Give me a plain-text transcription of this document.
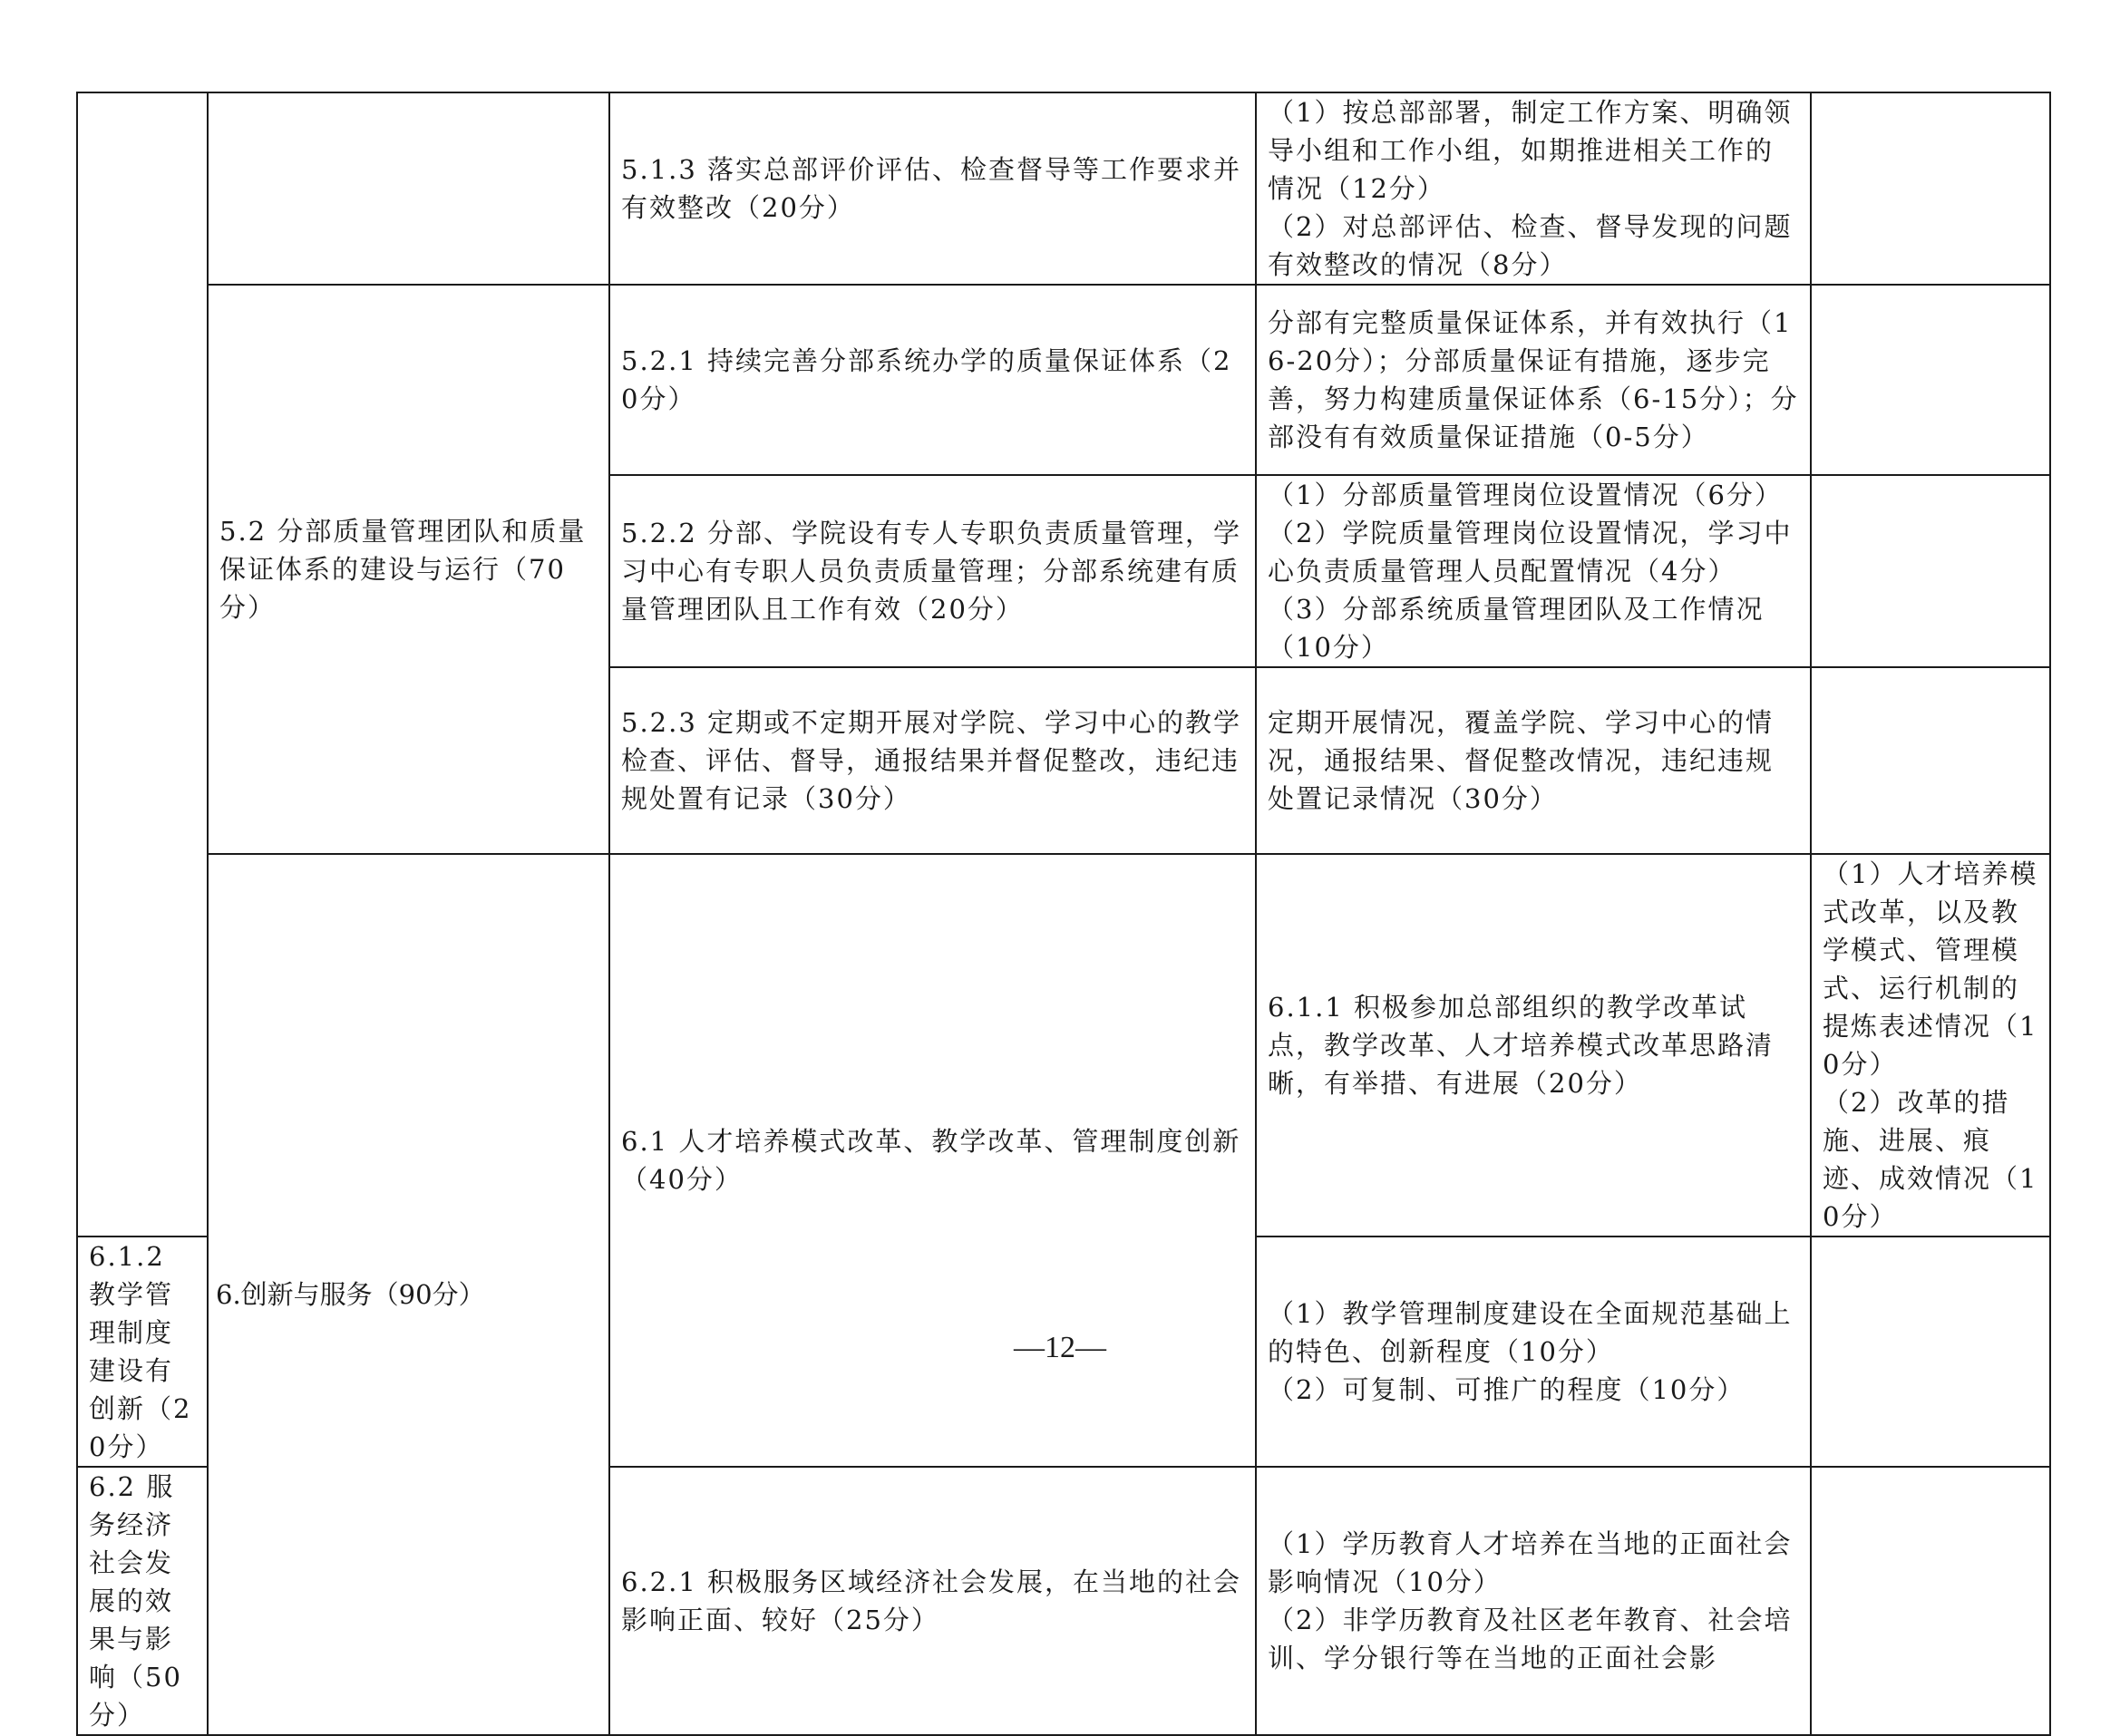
		5.1.3 落实总部评价评估、检查督导等工作要求并有效整改（20分）	（1）按总部部署，制定工作方案、明确领导小组和工作小组，如期推进相关工作的情况（12分）
（2）对总部评估、检查、督导发现的问题有效整改的情况（8分）		

	5.2 分部质量管理团队和质量保证体系的建设与运行（70分）	5.2.1 持续完善分部系统办学的质量保证体系（20分）	分部有完整质量保证体系，并有效执行（16-20分）；分部质量保证有措施，逐步完善，努力构建质量保证体系（6-15分）；分部没有有效质量保证措施（0-5分）		

		5.2.2 分部、学院设有专人专职负责质量管理，学习中心有专职人员负责质量管理；分部系统建有质量管理团队且工作有效（20分）	（1）分部质量管理岗位设置情况（6分）
（2）学院质量管理岗位设置情况，学习中心负责质量管理人员配置情况（4分）
（3）分部系统质量管理团队及工作情况（10分）		

		5.2.3 定期或不定期开展对学院、学习中心的教学检查、评估、督导，通报结果并督促整改，违纪违规处置有记录（30分）	定期开展情况，覆盖学院、学习中心的情况，通报结果、督促整改情况，违纪违规处置记录情况（30分）		

	6.创新与服务（90分）	6.1 人才培养模式改革、教学改革、管理制度创新（40分）	6.1.1 积极参加总部组织的教学改革试点，教学改革、人才培养模式改革思路清晰，有举措、有进展（20分）	（1）人才培养模式改革，以及教学模式、管理模式、运行机制的提炼表述情况（10分）
（2）改革的措施、进展、痕迹、成效情况（10分）	

6.1.2 教学管理制度建设有创新（20分）			（1）教学管理制度建设在全面规范基础上的特色、创新程度（10分）
（2）可复制、可推广的程度（10分）		

6.2 服务经济社会发展的效果与影响（50分）		6.2.1 积极服务区域经济社会发展，在当地的社会影响正面、较好（25分）	（1）学历教育人才培养在当地的正面社会影响情况（10分）
（2）非学历教育及社区老年教育、社会培训、学分银行等在当地的正面社会影		

—12—
